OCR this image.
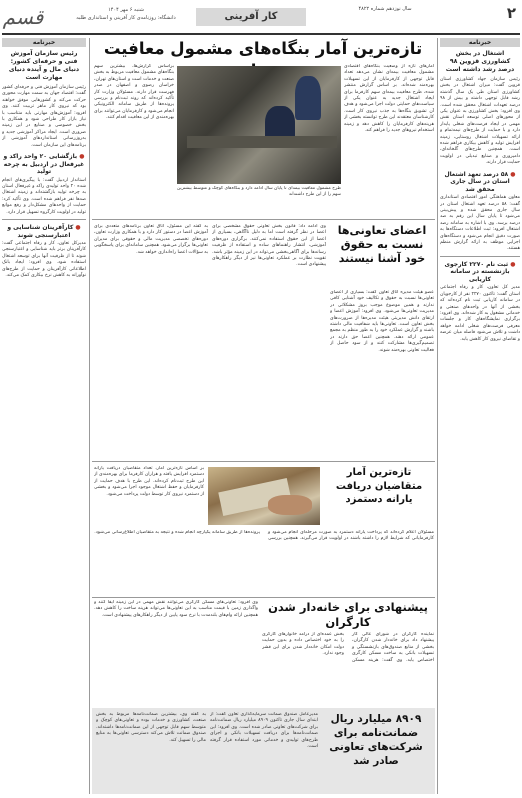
قسم	شنبه ۶ مهر ۱۴۰۴
دانشگاه: روزنامه‌ی کار آفرینی و استانداری طلبه	کار آفرینی
سال نوزدهم شماره ۴۸۲۲	۲
خبرنامه
اشتغال در بخش کشاورزی قزوین ۹۸ درصد رشد داشته است
رئیس سازمان جهاد کشاورزی استان قزوین گفت: میزان اشتغال در بخش کشاورزی استان طی یک سال گذشته رشد قابل توجهی داشته و بیش از ۹۸ درصد تعهدات اشتغال محقق شده است. وی افزود: بخش کشاورزی به عنوان یکی از محورهای اصلی توسعه استان نقش مهمی در ایجاد فرصت‌های شغلی پایدار دارد و با حمایت از طرح‌های نیمه‌تمام و ارائه تسهیلات اشتغال روستایی، زمینه افزایش تولید و کاهش بیکاری فراهم شده است. همچنین طرح‌های گلخانه‌ای، دامپروری و صنایع تبدیلی در اولویت حمایت قرار دارند.
● ۵۸ درصد تعهد اشتغال استان در سال جاری محقق شد
معاون هماهنگی امور اقتصادی استانداری گفت: ۵۸ درصد تعهد اشتغال استان در سال جاری محقق شده و پیش‌بینی می‌شود تا پایان سال این رقم به صد درصد برسد. وی با اشاره به سامانه رصد اشتغال افزود: ثبت اطلاعات دستگاه‌ها به صورت دقیق انجام می‌شود و دستگاه‌های اجرایی موظف به ارائه گزارش منظم هستند.
● ثبت نام ۲۲۷۰ کارجوی بازنشسته در سامانه کاریابی
مدیر کل تعاون، کار و رفاه اجتماعی استان گفت: تاکنون ۲۲۷۰ نفر از کارجویان در سامانه کاریابی ثبت نام کرده‌اند که بخشی از آنها در واحدهای صنعتی و خدماتی مشغول به کار شده‌اند. وی افزود: برگزاری نمایشگاه‌های کار و جلسات معرفی فرصت‌های شغلی ادامه خواهد داشت و تلاش می‌شود فاصله میان عرضه و تقاضای نیروی کار کاهش یابد.
خبرنامه
رئیس سازمان آموزش فنی و حرفه‌ای کشور: دنیای مال و آینده دنیای مهارت است
رئیس سازمان آموزش فنی و حرفه‌ای کشور گفت: اقتصاد جهان به سمت مهارت محوری حرکت می‌کند و کشورهایی موفق خواهند بود که نیروی کار ماهر تربیت کنند. وی افزود: آموزش‌های مهارتی باید متناسب با نیاز بازار کار طراحی شود و همکاری با بخش خصوصی و صنایع در این زمینه ضروری است. ایجاد مراکز آموزشی جدید و به‌روزرسانی استانداردهای آموزشی از برنامه‌های این سازمان است.
● بازگشایی ۲۰ واحد راکد و غیرفعال در اردبیل به چرخه تولید
استاندار اردبیل گفت: با پیگیری‌های انجام شده ۲۰ واحد تولیدی راکد و غیرفعال استان به چرخه تولید بازگشته‌اند و زمینه اشتغال صدها نفر فراهم شده است. وی تأکید کرد: حمایت از واحدهای مشکل‌دار و رفع موانع تولید در اولویت کارگروه تسهیل قرار دارد.
● کارآفرینان شناسایی و اعتبارسنجی شوند
مدیرکل تعاون، کار و رفاه اجتماعی گفت: کارآفرینان برتر باید شناسایی و اعتبارسنجی شوند تا از ظرفیت آنها برای توسعه اشتغال استفاده شود. وی افزود: ایجاد بانک اطلاعاتی کارآفرینان و حمایت از طرح‌های نوآورانه به کاهش نرخ بیکاری کمک می‌کند.
تازه‌ترین آمار بنگاه‌های مشمول معافیت
آمارهای تازه از وضعیت بنگاه‌های اقتصادی مشمول معافیت بیمه‌ای نشان می‌دهد تعداد قابل توجهی از کارفرمایان از این تسهیلات بهره‌مند شده‌اند. بر اساس گزارش منتشر شده، طرح معافیت بیمه‌ای سهم کارفرما برای ایجاد اشتغال جدید به عنوان یکی از سیاست‌های حمایتی دولت اجرا می‌شود و هدف آن تشویق بنگاه‌ها به جذب نیروی کار است. کارشناسان معتقدند این طرح توانسته بخشی از هزینه‌های کارفرمایان را کاهش دهد و زمینه استخدام نیروهای جدید را فراهم کند.
طرح مشمول معافیت بیمه‌ای تا پایان سال ادامه دارد و بنگاه‌های کوچک و متوسط بیشترین سهم را از این طرح داشته‌اند
براساس گزارش‌ها، بیشترین سهم بنگاه‌های مشمول معافیت مربوط به بخش صنعت و خدمات است و استان‌های تهران، خراسان رضوی و اصفهان در صدر فهرست قرار دارند. مسئولان وزارت کار تأکید کرده‌اند که روند ثبت‌نام و بررسی پرونده‌ها از طریق سامانه الکترونیکی انجام می‌شود و کارفرمایان می‌توانند برای بهره‌مندی از این معافیت اقدام کنند.
اعضای تعاونی‌ها نسبت به حقوق خود آشنا نیستند
عضو هیئت مدیره اتاق تعاون گفت: بسیاری از اعضای تعاونی‌ها نسبت به حقوق و تکالیف خود آشنایی کافی ندارند و همین موضوع موجب بروز مشکلاتی در مدیریت تعاونی‌ها می‌شود. وی افزود: آموزش اعضا و ارتقای دانش مدیریتی هیئت مدیره‌ها از ضرورت‌های بخش تعاون است. تعاونی‌ها باید شفافیت مالی داشته باشند و گزارش عملکرد خود را به طور منظم به مجمع عمومی ارائه دهند. همچنین اعضا حق دارند در تصمیم‌گیری‌ها مشارکت کنند و از سود حاصل از فعالیت تعاونی بهره‌مند شوند.
وی ادامه داد: قانون بخش تعاونی حقوق مشخصی برای اعضا در نظر گرفته است اما به دلیل ناآگاهی، بسیاری از اعضا از این حقوق استفاده نمی‌کنند. برگزاری دوره‌های آموزشی، انتشار راهنماهای ساده و استفاده از ظرفیت رسانه‌ها برای آگاهی‌بخشی می‌تواند در این زمینه مؤثر باشد. تقویت نظارت بر عملکرد تعاونی‌ها نیز از دیگر راهکارهای پیشنهادی است.
به گفته این مسئول، اتاق تعاون برنامه‌های متعددی برای آموزش اعضا در دستور کار دارد و با همکاری وزارت تعاون، دوره‌های تخصصی مدیریت مالی و حقوقی برای مدیران تعاونی‌ها برگزار می‌شود. همچنین سامانه‌ای برای پاسخگویی به سؤالات اعضا راه‌اندازی خواهد شد.
تازه‌ترین آمار متقاضیان دریافت یارانه دستمزد
بر اساس تازه‌ترین آمار، تعداد متقاضیان دریافت یارانه دستمزد افزایش یافته و هزاران کارفرما برای بهره‌مندی از این طرح ثبت‌نام کرده‌اند. این طرح با هدف حمایت از کارفرمایان و حفظ اشتغال موجود اجرا می‌شود و بخشی از دستمزد نیروی کار توسط دولت پرداخت می‌شود.
مسئولان اعلام کرده‌اند که پرداخت یارانه دستمزد به صورت مرحله‌ای انجام می‌شود و کارفرمایانی که شرایط لازم را داشته باشند در اولویت قرار می‌گیرند. همچنین بررسی پرونده‌ها از طریق سامانه یکپارچه انجام شده و نتیجه به متقاضیان اطلاع‌رسانی می‌شود.
پیشنهادی برای خانه‌دار شدن کارگران
نماینده کارگران در شورای عالی کار پیشنهاد داد برای خانه‌دار شدن کارگران، بخشی از منابع صندوق‌های بازنشستگی و تسهیلات بانکی به ساخت مسکن کارگری اختصاص یابد. وی گفت: هزینه مسکن بخش عمده‌ای از درآمد خانوارهای کارگری را به خود اختصاص داده و بدون حمایت دولت امکان خانه‌دار شدن برای این قشر وجود ندارد.
وی افزود: تعاونی‌های مسکن کارگری می‌توانند نقش مهمی در این زمینه ایفا کنند و واگذاری زمین با قیمت مناسب به این تعاونی‌ها می‌تواند هزینه ساخت را کاهش دهد. همچنین ارائه وام‌های بلندمدت با نرخ سود پایین از دیگر راهکارهای پیشنهادی است.
۸۹۰۹ میلیارد ریال ضمانت‌نامه برای شرکت‌های تعاونی صادر شد
مدیرعامل صندوق ضمانت سرمایه‌گذاری تعاون گفت: از ابتدای سال جاری تاکنون ۸۹۰۹ میلیارد ریال ضمانت‌نامه برای شرکت‌های تعاونی صادر شده است. وی افزود: این ضمانت‌نامه‌ها برای دریافت تسهیلات بانکی و اجرای طرح‌های تولیدی و خدماتی مورد استفاده قرار گرفته است.
به گفته وی، بیشترین ضمانت‌نامه‌ها مربوط به بخش صنعت، کشاورزی و خدمات بوده و تعاونی‌های کوچک و متوسط سهم قابل توجهی از این ضمانت‌نامه‌ها داشته‌اند. صندوق ضمانت تلاش می‌کند دسترسی تعاونی‌ها به منابع مالی را تسهیل کند.
